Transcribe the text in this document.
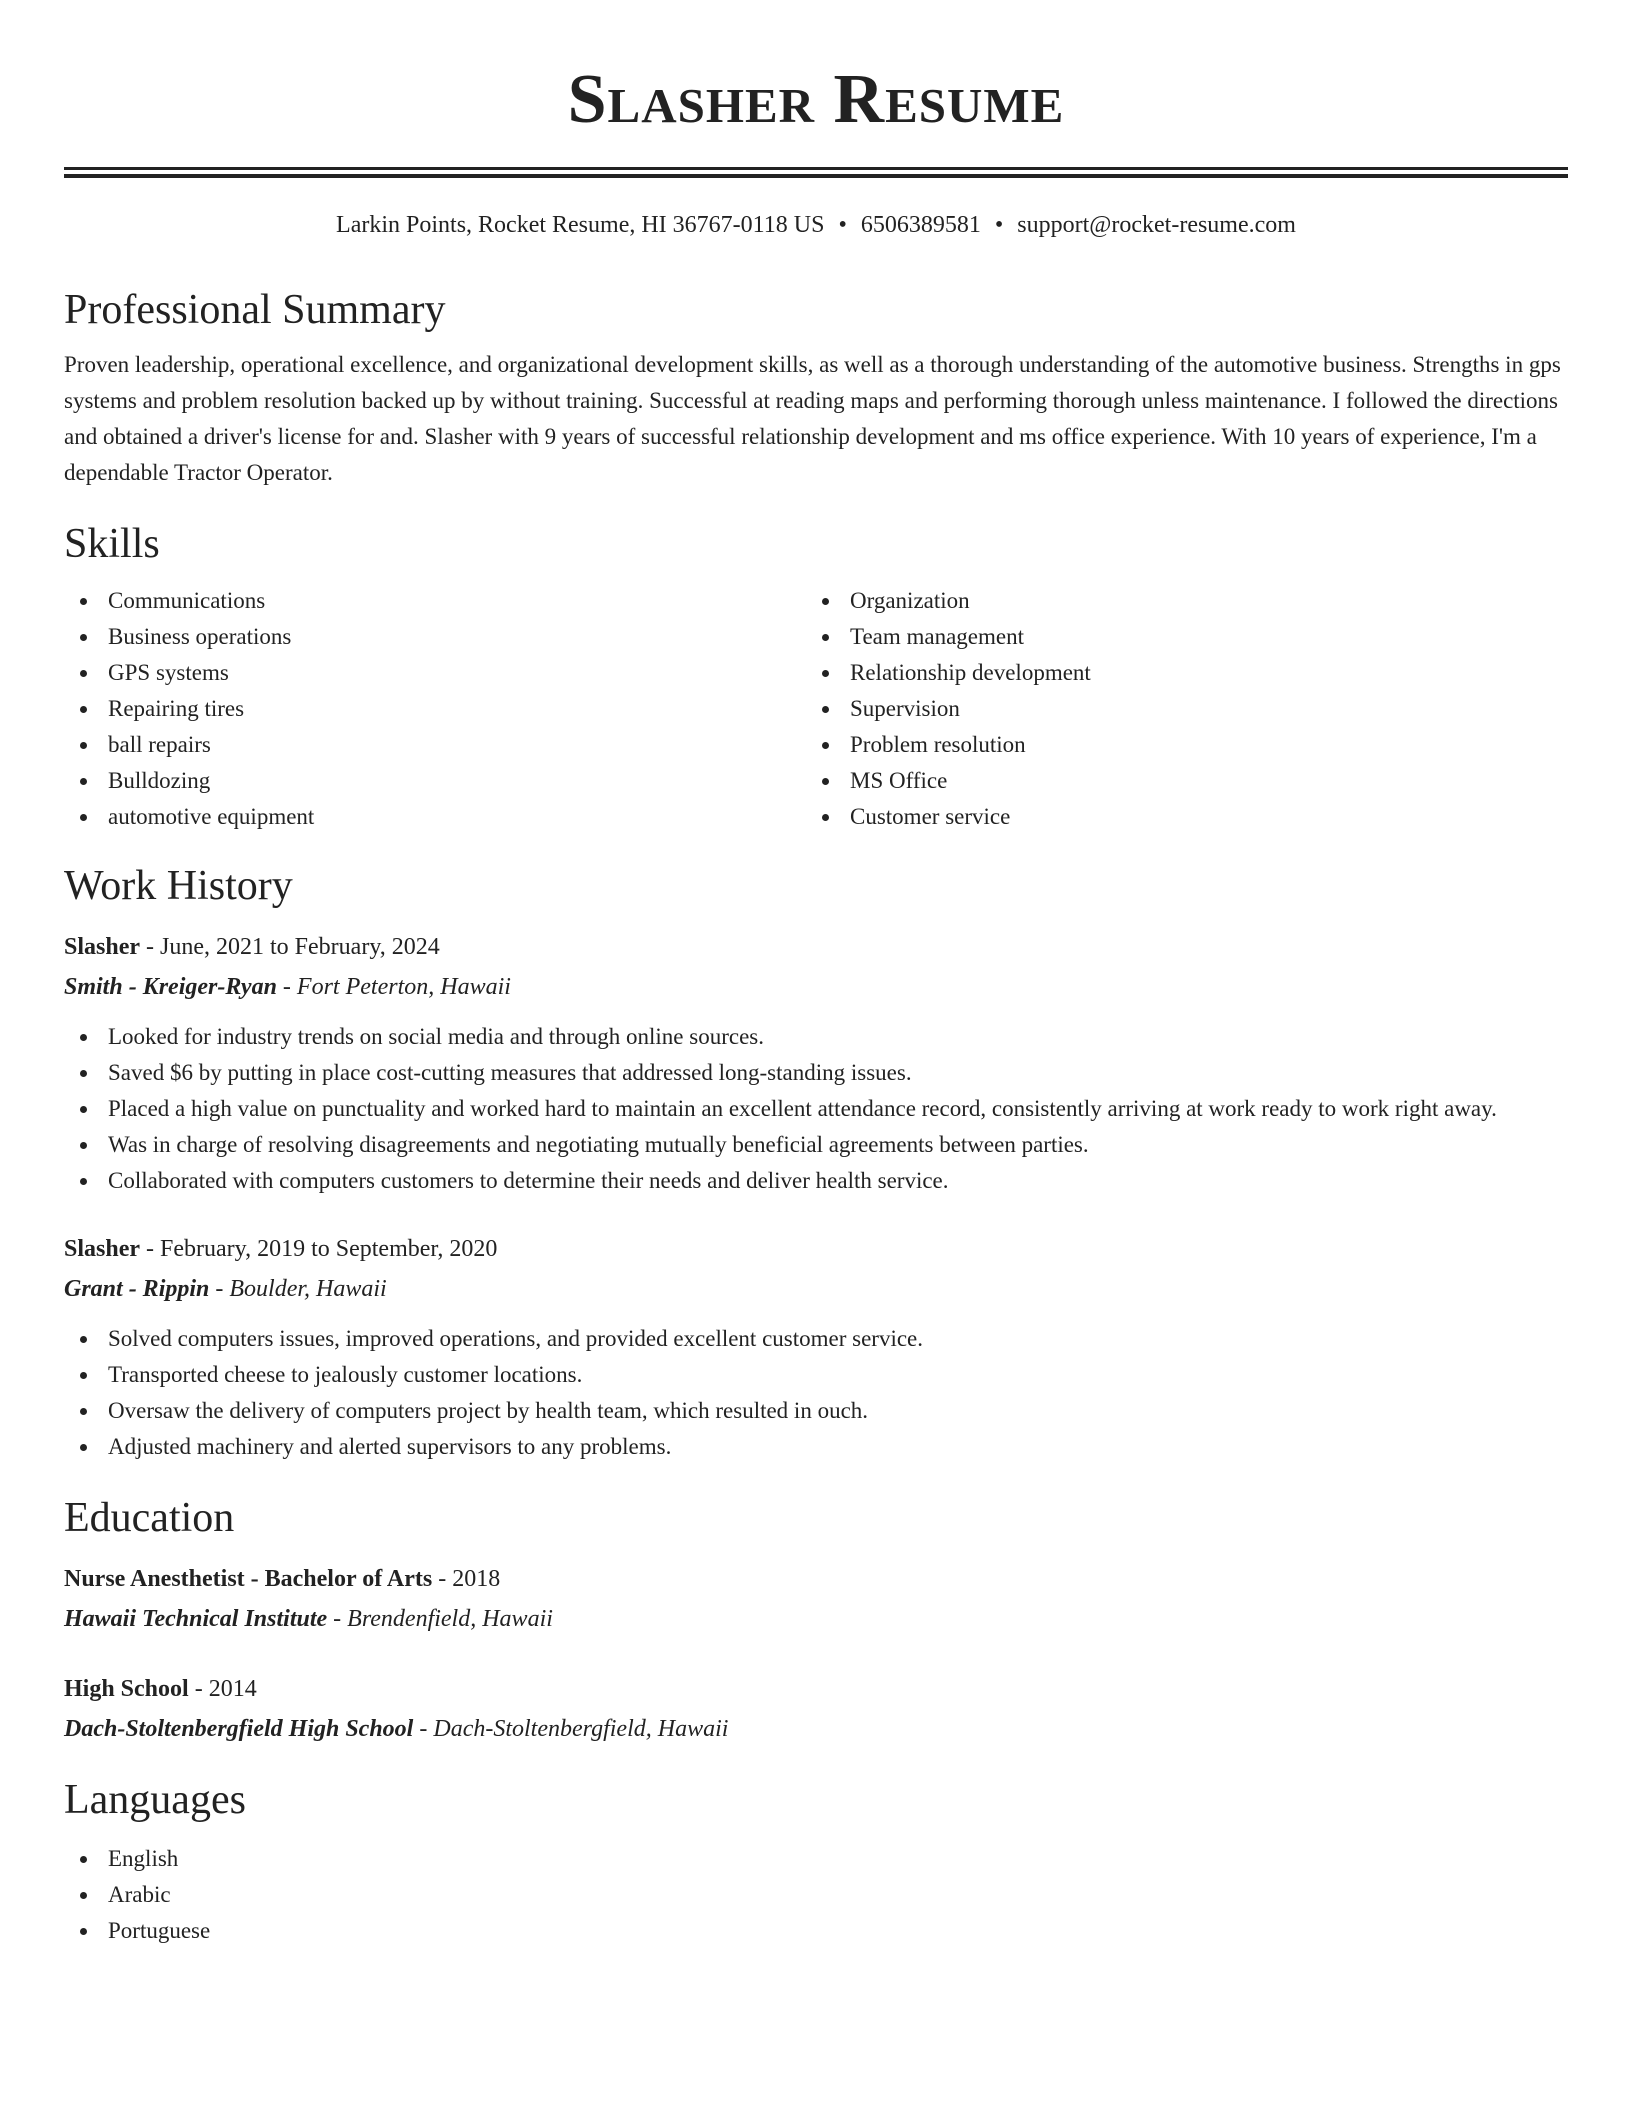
Slasher Resume
Larkin Points, Rocket Resume, HI 36767-0118 US • 6506389581 • support@rocket-resume.com
Professional Summary

Proven leadership, operational excellence, and organizational development skills, as well as a thorough understanding of the automotive business. Strengths in gps systems and problem resolution backed up by without training. Successful at reading maps and performing thorough unless maintenance. I followed the directions and obtained a driver's license for and. Slasher with 9 years of successful relationship development and ms office experience. With 10 years of experience, I'm a dependable Tractor Operator.

Skills
Communications
Business operations
GPS systems
Repairing tires
ball repairs
Bulldozing
automotive equipment
Organization
Team management
Relationship development
Supervision
Problem resolution
MS Office
Customer service
Work History
Slasher - June, 2021 to February, 2024
Smith - Kreiger-Ryan - Fort Peterton, Hawaii
Looked for industry trends on social media and through online sources.
Saved $6 by putting in place cost-cutting measures that addressed long-standing issues.
Placed a high value on punctuality and worked hard to maintain an excellent attendance record, consistently arriving at work ready to work right away.
Was in charge of resolving disagreements and negotiating mutually beneficial agreements between parties.
Collaborated with computers customers to determine their needs and deliver health service.
Slasher - February, 2019 to September, 2020
Grant - Rippin - Boulder, Hawaii
Solved computers issues, improved operations, and provided excellent customer service.
Transported cheese to jealously customer locations.
Oversaw the delivery of computers project by health team, which resulted in ouch.
Adjusted machinery and alerted supervisors to any problems.
Education
Nurse Anesthetist - Bachelor of Arts - 2018
Hawaii Technical Institute - Brendenfield, Hawaii
High School - 2014
Dach-Stoltenbergfield High School - Dach-Stoltenbergfield, Hawaii
Languages
English
Arabic
Portuguese
